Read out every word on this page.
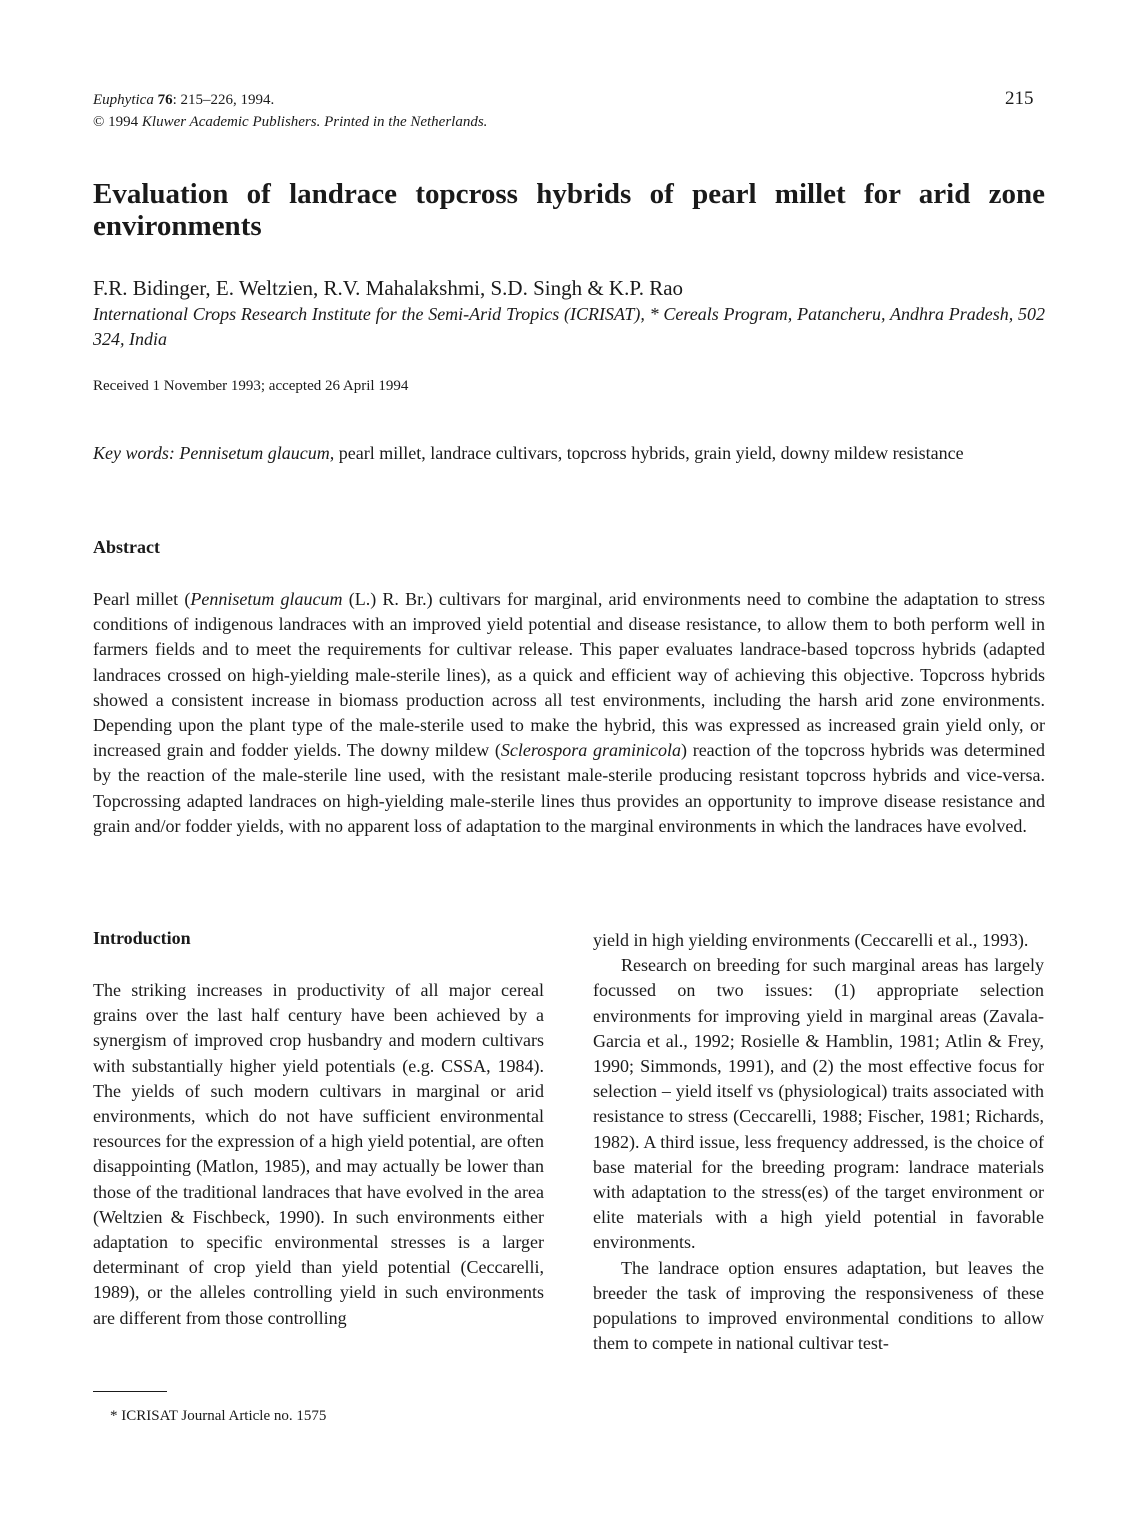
Euphytica 76: 215–226, 1994.
© 1994 Kluwer Academic Publishers. Printed in the Netherlands.
215
Evaluation of landrace topcross hybrids of pearl millet for arid zone environments
F.R. Bidinger, E. Weltzien, R.V. Mahalakshmi, S.D. Singh & K.P. Rao
International Crops Research Institute for the Semi-Arid Tropics (ICRISAT), * Cereals Program, Patancheru, Andhra Pradesh, 502 324, India
Received 1 November 1993; accepted 26 April 1994
Key words: Pennisetum glaucum, pearl millet, landrace cultivars, topcross hybrids, grain yield, downy mildew resistance
Abstract

Pearl millet (Pennisetum glaucum (L.) R. Br.) cultivars for marginal, arid environments need to combine the adaptation to stress conditions of indigenous landraces with an improved yield potential and disease resistance, to allow them to both perform well in farmers fields and to meet the requirements for cultivar release. This paper evaluates landrace-based topcross hybrids (adapted landraces crossed on high-yielding male-sterile lines), as a quick and efficient way of achieving this objective. Topcross hybrids showed a consistent increase in biomass production across all test environments, including the harsh arid zone environments. Depending upon the plant type of the male-sterile used to make the hybrid, this was expressed as increased grain yield only, or increased grain and fodder yields. The downy mildew (Sclerospora graminicola) reaction of the topcross hybrids was determined by the reaction of the male-sterile line used, with the resistant male-sterile producing resistant topcross hybrids and vice-versa. Topcrossing adapted landraces on high-yielding male-sterile lines thus provides an opportunity to improve disease resistance and grain and/or fodder yields, with no apparent loss of adaptation to the marginal environments in which the landraces have evolved.

Introduction

The striking increases in productivity of all major cereal grains over the last half century have been achieved by a synergism of improved crop husbandry and modern cultivars with substantially higher yield potentials (e.g. CSSA, 1984). The yields of such modern cultivars in marginal or arid environments, which do not have sufficient environmental resources for the expression of a high yield potential, are often disappointing (Matlon, 1985), and may actually be lower than those of the traditional landraces that have evolved in the area (Weltzien & Fischbeck, 1990). In such environments either adaptation to specific environmental stresses is a larger determinant of crop yield than yield potential (Ceccarelli, 1989), or the alleles controlling yield in such environments are different from those controlling

yield in high yielding environments (Ceccarelli et al., 1993).

Research on breeding for such marginal areas has largely focussed on two issues: (1) appropriate selection environments for improving yield in marginal areas (Zavala-Garcia et al., 1992; Rosielle & Hamblin, 1981; Atlin & Frey, 1990; Simmonds, 1991), and (2) the most effective focus for selection – yield itself vs (physiological) traits associated with resistance to stress (Ceccarelli, 1988; Fischer, 1981; Richards, 1982). A third issue, less frequency addressed, is the choice of base material for the breeding program: landrace materials with adaptation to the stress(es) of the target environment or elite materials with a high yield potential in favorable environments.

The landrace option ensures adaptation, but leaves the breeder the task of improving the responsiveness of these populations to improved environmental conditions to allow them to compete in national cultivar test-

* ICRISAT Journal Article no. 1575
